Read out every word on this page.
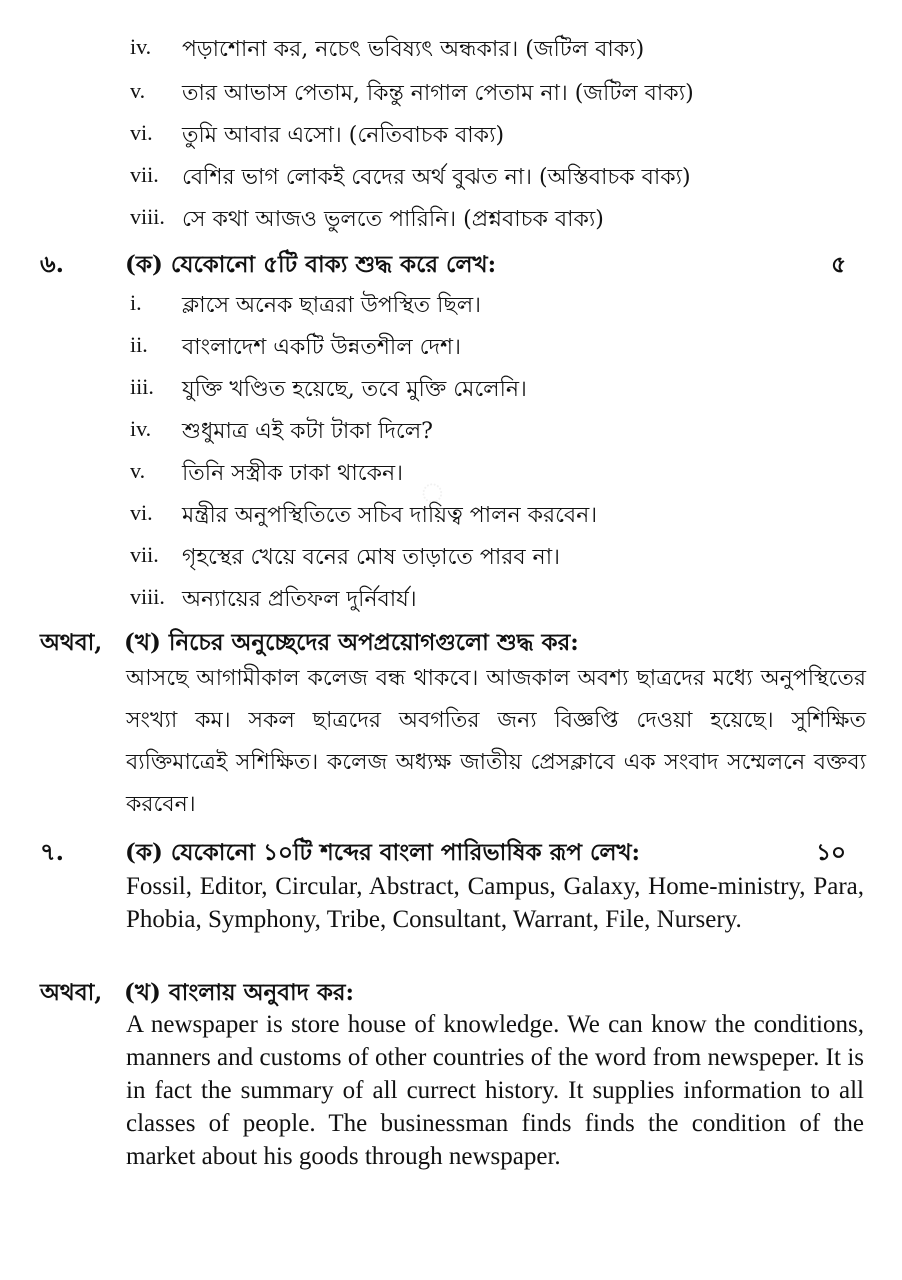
iv. পড়াশোনা কর, নচেৎ ভবিষ্যৎ অন্ধকার। (জটিল বাক্য)
v. তার আভাস পেতাম, কিন্তু নাগাল পেতাম না। (জটিল বাক্য)
vi. তুমি আবার এসো। (নেতিবাচক বাক্য)
vii. বেশির ভাগ লোকই বেদের অর্থ বুঝত না। (অস্তিবাচক বাক্য)
viii. সে কথা আজও ভুলতে পারিনি। (প্রশ্নবাচক বাক্য)
৬.	(ক) যেকোনো ৫টি বাক্য শুদ্ধ করে লেখ:	৫
i. ক্লাসে অনেক ছাত্ররা উপস্থিত ছিল।
ii. বাংলাদেশ একটি উন্নতশীল দেশ।
iii. যুক্তি খণ্ডিত হয়েছে, তবে মুক্তি মেলেনি।
iv. শুধুমাত্র এই কটা টাকা দিলে?
v. তিনি সস্ত্রীক ঢাকা থাকেন।
vi. মন্ত্রীর অনুপস্থিতিতে সচিব দায়িত্ব পালন করবেন।
vii. গৃহস্থের খেয়ে বনের মোষ তাড়াতে পারব না।
viii. অন্যায়ের প্রতিফল দুর্নিবার্য।
অথবা, (খ) নিচের অনুচ্ছেদের অপপ্রয়োগগুলো শুদ্ধ কর:

আসছে আগামীকাল কলেজ বন্ধ থাকবে। আজকাল অবশ্য ছাত্রদের মধ্যে অনুপস্থিতের সংখ্যা কম। সকল ছাত্রদের অবগতির জন্য বিজ্ঞপ্তি দেওয়া হয়েছে। সুশিক্ষিত ব্যক্তিমাত্রেই সশিক্ষিত। কলেজ অধ্যক্ষ জাতীয় প্রেসক্লাবে এক সংবাদ সম্মেলনে বক্তব্য করবেন।

৭.	(ক) যেকোনো ১০টি শব্দের বাংলা পারিভাষিক রূপ লেখ:	১০

Fossil, Editor, Circular, Abstract, Campus, Galaxy, Home-ministry, Para, Phobia, Symphony, Tribe, Consultant, Warrant, File, Nursery.

অথবা, (খ) বাংলায় অনুবাদ কর:

A newspaper is store house of knowledge. We can know the conditions, manners and customs of other countries of the word from newspeper. It is in fact the summary of all currect history. It supplies information to all classes of people. The businessman finds finds the condition of the market about his goods through newspaper.

◌
